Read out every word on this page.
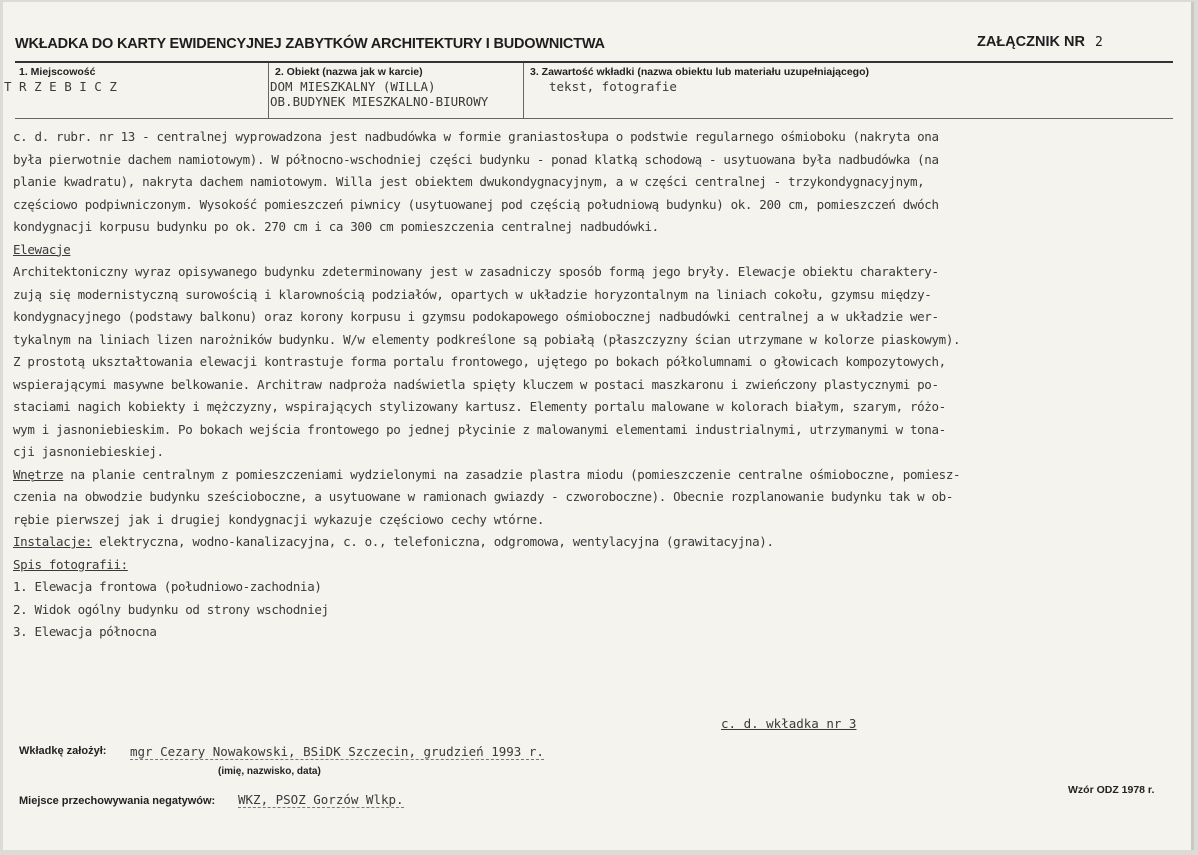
WKŁADKA DO KARTY EWIDENCYJNEJ ZABYTKÓW ARCHITEKTURY I BUDOWNICTWA	ZAŁĄCZNIK NR 2
1. Miejscowość
T R Z E B I C Z
2. Obiekt (nazwa jak w karcie)
DOM MIESZKALNY (WILLA)
OB.BUDYNEK MIESZKALNO-BIUROWY
3. Zawartość wkładki (nazwa obiektu lub materiału uzupełniającego)
tekst, fotografie
c. d. rubr. nr 13 - centralnej wyprowadzona jest nadbudówka w formie graniastosłupa o podstwie regularnego ośmioboku (nakryta ona
była pierwotnie dachem namiotowym). W północno-wschodniej części budynku - ponad klatką schodową - usytuowana była nadbudówka (na
planie kwadratu), nakryta dachem namiotowym. Willa jest obiektem dwukondygnacyjnym, a w części centralnej - trzykondygnacyjnym,
częściowo podpiwniczonym. Wysokość pomieszczeń piwnicy (usytuowanej pod częścią południową budynku) ok. 200 cm, pomieszczeń dwóch
kondygnacji korpusu budynku po ok. 270 cm i ca 300 cm pomieszczenia centralnej nadbudówki.
Elewacje
Architektoniczny wyraz opisywanego budynku zdeterminowany jest w zasadniczy sposób formą jego bryły. Elewacje obiektu charaktery-
zują się modernistyczną surowością i klarownością podziałów, opartych w układzie horyzontalnym na liniach cokołu, gzymsu między-
kondygnacyjnego (podstawy balkonu) oraz korony korpusu i gzymsu podokapowego ośmiobocznej nadbudówki centralnej a w układzie wer-
tykalnym na liniach lizen narożników budynku. W/w elementy podkreślone są pobiałą (płaszczyzny ścian utrzymane w kolorze piaskowym).
Z prostotą ukształtowania elewacji kontrastuje forma portalu frontowego, ujętego po bokach półkolumnami o głowicach kompozytowych,
wspierającymi masywne belkowanie. Architraw nadproża nadświetla spięty kluczem w postaci maszkaronu i zwieńczony plastycznymi po-
staciami nagich kobiekty i mężczyzny, wspirających stylizowany kartusz. Elementy portalu malowane w kolorach białym, szarym, różo-
wym i jasnoniebieskim. Po bokach wejścia frontowego po jednej płycinie z malowanymi elementami industrialnymi, utrzymanymi w tona-
cji jasnoniebieskiej.
Wnętrze na planie centralnym z pomieszczeniami wydzielonymi na zasadzie plastra miodu (pomieszczenie centralne ośmioboczne, pomiesz-
czenia na obwodzie budynku sześcioboczne, a usytuowane w ramionach gwiazdy - czworoboczne). Obecnie rozplanowanie budynku tak w ob-
rębie pierwszej jak i drugiej kondygnacji wykazuje częściowo cechy wtórne.
Instalacje: elektryczna, wodno-kanalizacyjna, c. o., telefoniczna, odgromowa, wentylacyjna (grawitacyjna).
Spis fotografii:
1. Elewacja frontowa (południowo-zachodnia)
2. Widok ogólny budynku od strony wschodniej
3. Elewacja północna
c. d. wkładka nr 3
Wkładkę założył: mgr Cezary Nowakowski, BSiDK Szczecin, grudzień 1993 r.
(imię, nazwisko, data)
Miejsce przechowywania negatywów: WKZ, PSOZ Gorzów Wlkp.
Wzór ODZ 1978 r.
